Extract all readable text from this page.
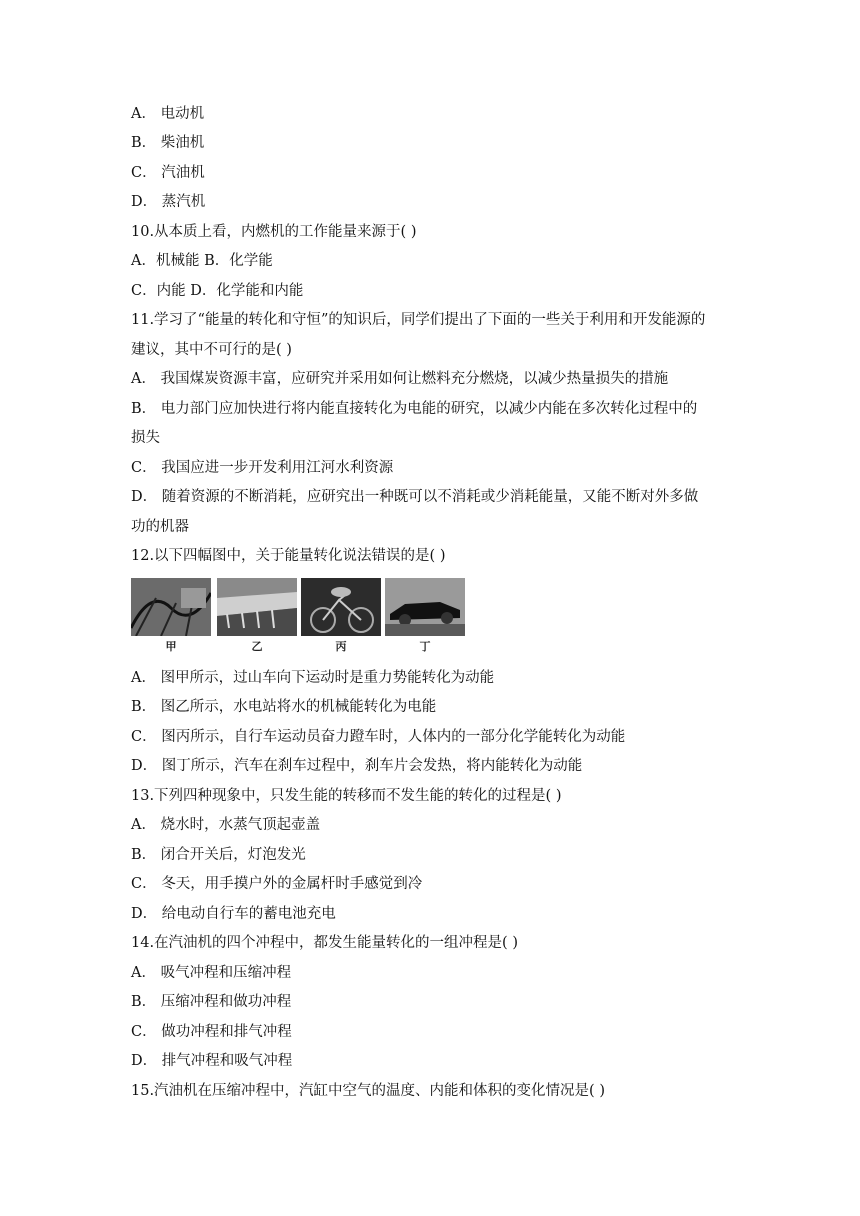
A． 电动机
B． 柴油机
C． 汽油机
D． 蒸汽机
10.从本质上看，内燃机的工作能量来源于( )
A．机械能 B．化学能
C．内能 D．化学能和内能
11.学习了“能量的转化和守恒”的知识后，同学们提出了下面的一些关于利用和开发能源的
建议，其中不可行的是( )
A． 我国煤炭资源丰富，应研究并采用如何让燃料充分燃烧，以减少热量损失的措施
B． 电力部门应加快进行将内能直接转化为电能的研究，以减少内能在多次转化过程中的
损失
C． 我国应进一步开发利用江河水利资源
D． 随着资源的不断消耗，应研究出一种既可以不消耗或少消耗能量，又能不断对外多做
功的机器
12.以下四幅图中，关于能量转化说法错误的是( )
甲	乙	丙	丁
A． 图甲所示，过山车向下运动时是重力势能转化为动能
B． 图乙所示，水电站将水的机械能转化为电能
C． 图丙所示，自行车运动员奋力蹬车时，人体内的一部分化学能转化为动能
D． 图丁所示，汽车在刹车过程中，刹车片会发热，将内能转化为动能
13.下列四种现象中，只发生能的转移而不发生能的转化的过程是( )
A． 烧水时，水蒸气顶起壶盖
B． 闭合开关后，灯泡发光
C． 冬天，用手摸户外的金属杆时手感觉到冷
D． 给电动自行车的蓄电池充电
14.在汽油机的四个冲程中，都发生能量转化的一组冲程是( )
A． 吸气冲程和压缩冲程
B． 压缩冲程和做功冲程
C． 做功冲程和排气冲程
D． 排气冲程和吸气冲程
15.汽油机在压缩冲程中，汽缸中空气的温度、内能和体积的变化情况是( )
